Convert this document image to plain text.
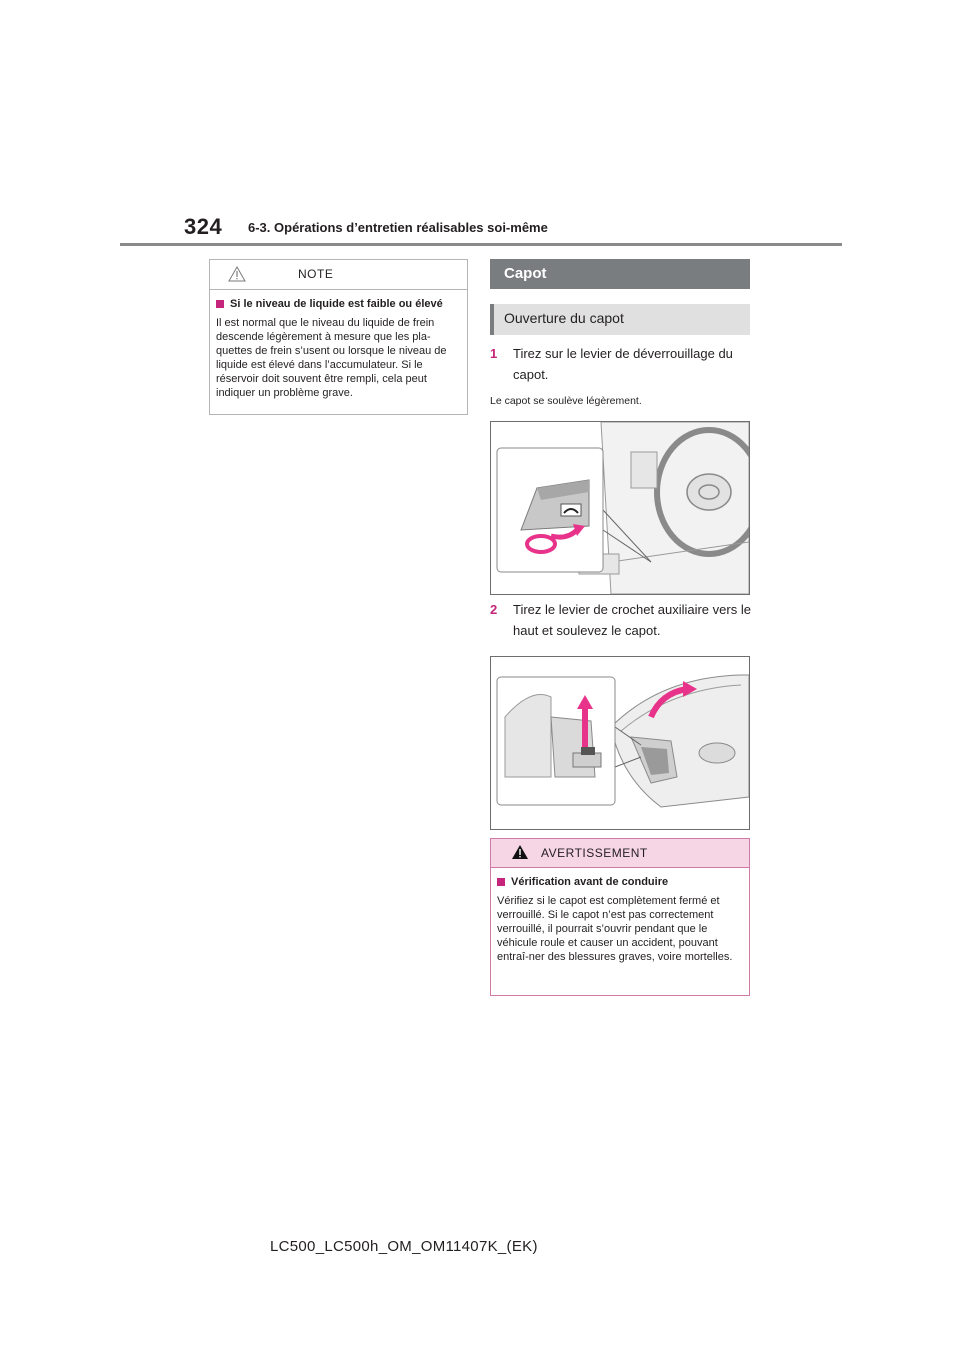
324 6-3. Opérations d’entretien réalisables soi-même
NOTE
Si le niveau de liquide est faible ou élevé
Il est normal que le niveau du liquide de frein descende légèrement à mesure que les pla-quettes de frein s’usent ou lorsque le niveau de liquide est élevé dans l’accumulateur. Si le réservoir doit souvent être rempli, cela peut indiquer un problème grave.
Capot
Ouverture du capot
1 Tirez sur le levier de déverrouillage du capot.
Le capot se soulève légèrement.
2 Tirez le levier de crochet auxiliaire vers le haut et soulevez le capot.
AVERTISSEMENT
Vérification avant de conduire
Vérifiez si le capot est complètement fermé et verrouillé. Si le capot n’est pas correctement verrouillé, il pourrait s’ouvrir pendant que le véhicule roule et causer un accident, pouvant entraî-ner des blessures graves, voire mortelles.
LC500_LC500h_OM_OM11407K_(EK)
